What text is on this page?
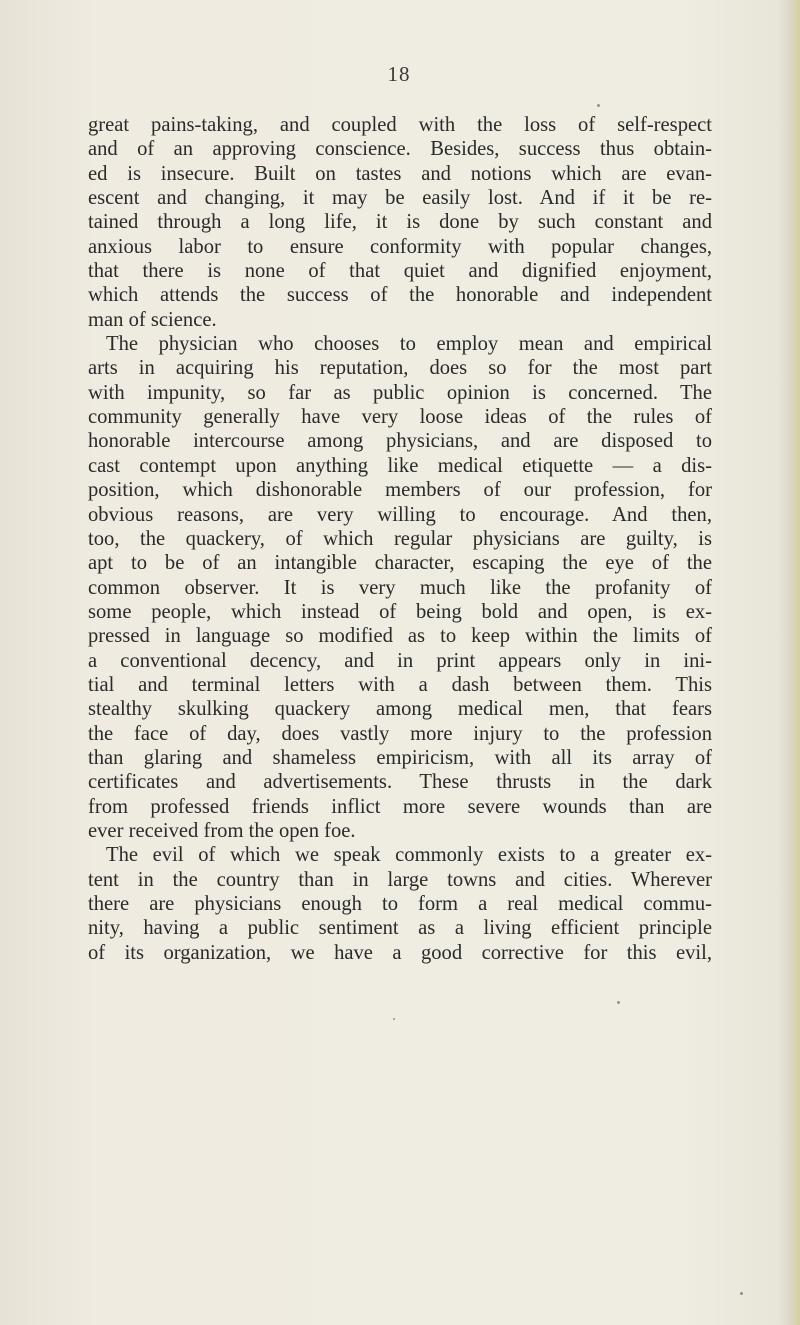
18
great pains-taking, and coupled with the loss of self-respect
and of an approving conscience. Besides, success thus obtain-
ed is insecure. Built on tastes and notions which are evan-
escent and changing, it may be easily lost. And if it be re-
tained through a long life, it is done by such constant and
anxious labor to ensure conformity with popular changes,
that there is none of that quiet and dignified enjoyment,
which attends the success of the honorable and independent
man of science.
The physician who chooses to employ mean and empirical
arts in acquiring his reputation, does so for the most part
with impunity, so far as public opinion is concerned. The
community generally have very loose ideas of the rules of
honorable intercourse among physicians, and are disposed to
cast contempt upon anything like medical etiquette — a dis-
position, which dishonorable members of our profession, for
obvious reasons, are very willing to encourage. And then,
too, the quackery, of which regular physicians are guilty, is
apt to be of an intangible character, escaping the eye of the
common observer. It is very much like the profanity of
some people, which instead of being bold and open, is ex-
pressed in language so modified as to keep within the limits of
a conventional decency, and in print appears only in ini-
tial and terminal letters with a dash between them. This
stealthy skulking quackery among medical men, that fears
the face of day, does vastly more injury to the profession
than glaring and shameless empiricism, with all its array of
certificates and advertisements. These thrusts in the dark
from professed friends inflict more severe wounds than are
ever received from the open foe.
The evil of which we speak commonly exists to a greater ex-
tent in the country than in large towns and cities. Wherever
there are physicians enough to form a real medical commu-
nity, having a public sentiment as a living efficient principle
of its organization, we have a good corrective for this evil,
